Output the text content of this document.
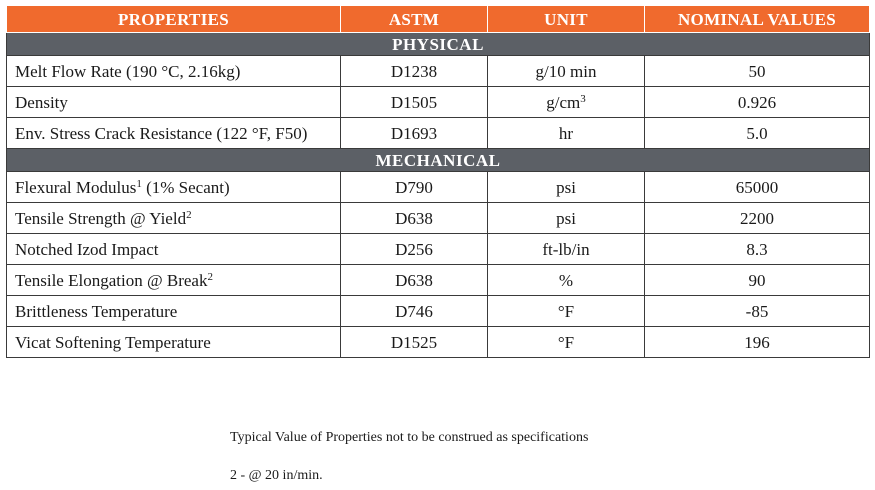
PROPERTIES	ASTM	UNIT	NOMINAL VALUES
PHYSICAL			
Melt Flow Rate (190 °C, 2.16kg)	D1238	g/10 min	50
Density	D1505	$g/cm^3$	0.926
Env. Stress Crack Resistance (122 °F, F50)	D1693	hr	5.0
MECHANICAL			
Flexural Modulus$^1$ (1% Secant)	D790	psi	65000
Tensile Strength @ Yield$^2$	D638	psi	2200
Notched Izod Impact	D256	ft-lb/in	8.3
Tensile Elongation @ Break$^2$	D638	%	90
Brittleness Temperature	D746	°F	-85
Vicat Softening Temperature	D1525	°F	196
Typical Value of Properties not to be construed as specifications
2 - @ 20 in/min.
